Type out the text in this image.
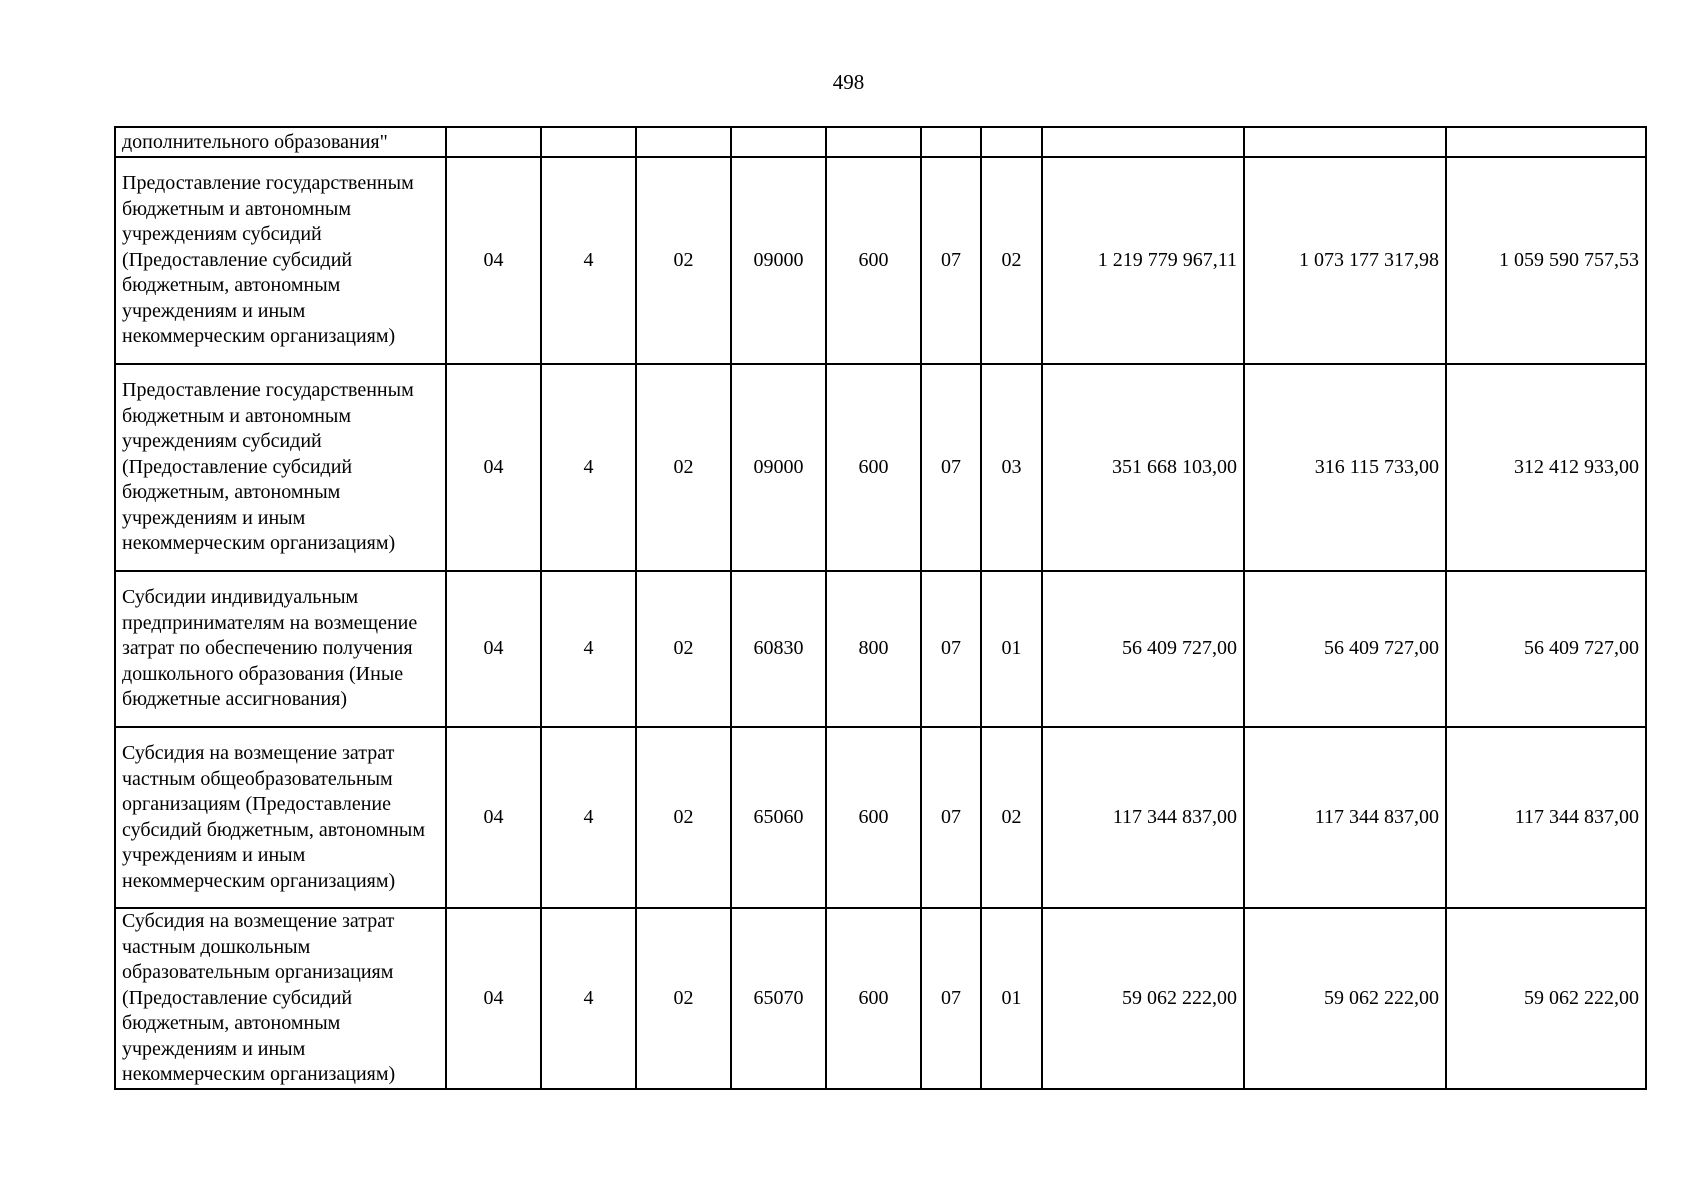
498
дополнительного образования"										
Предоставление государственным бюджетным и автономным учреждениям субсидий (Предоставление субсидий бюджетным, автономным учреждениям и иным некоммерческим организациям)	04	4	02	09000	600	07	02	1 219 779 967,11	1 073 177 317,98	1 059 590 757,53
Предоставление государственным бюджетным и автономным учреждениям субсидий (Предоставление субсидий бюджетным, автономным учреждениям и иным некоммерческим организациям)	04	4	02	09000	600	07	03	351 668 103,00	316 115 733,00	312 412 933,00
Субсидии индивидуальным предпринимателям на возмещение затрат по обеспечению получения дошкольного образования (Иные бюджетные ассигнования)	04	4	02	60830	800	07	01	56 409 727,00	56 409 727,00	56 409 727,00
Субсидия на возмещение затрат частным общеобразовательным организациям (Предоставление субсидий бюджетным, автономным учреждениям и иным некоммерческим организациям)	04	4	02	65060	600	07	02	117 344 837,00	117 344 837,00	117 344 837,00
Субсидия на возмещение затрат частным дошкольным образовательным организациям (Предоставление субсидий бюджетным, автономным учреждениям и иным некоммерческим организациям)	04	4	02	65070	600	07	01	59 062 222,00	59 062 222,00	59 062 222,00
